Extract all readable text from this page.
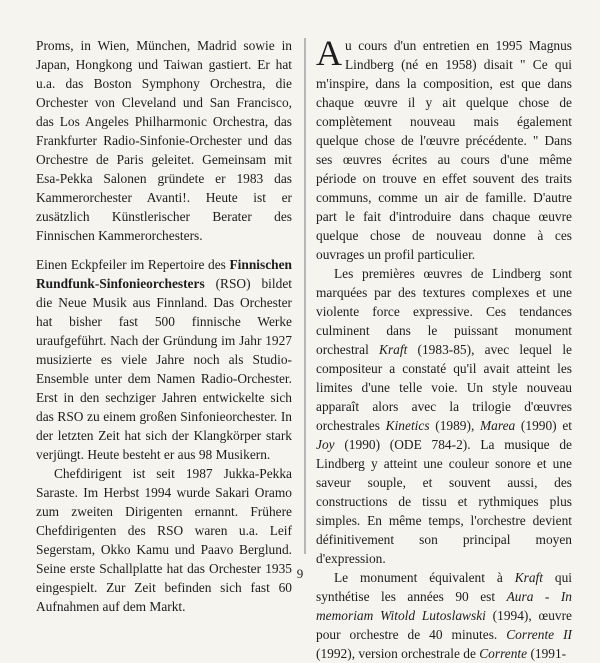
Proms, in Wien, München, Madrid sowie in Japan, Hongkong und Taiwan gastiert. Er hat u.a. das Boston Symphony Orchestra, die Orchester von Cleveland und San Francisco, das Los Angeles Philharmonic Orchestra, das Frankfurter Radio-Sinfonie-Orchester und das Orchestre de Paris geleitet. Gemeinsam mit Esa-Pekka Salonen gründete er 1983 das Kammerorchester Avanti!. Heute ist er zusätzlich Künstlerischer Berater des Finnischen Kammerorchesters.

Einen Eckpfeiler im Repertoire des Finnischen Rundfunk-Sinfonieorchesters (RSO) bildet die Neue Musik aus Finnland. Das Orchester hat bisher fast 500 finnische Werke uraufgeführt. Nach der Gründung im Jahr 1927 musizierte es viele Jahre noch als Studio-Ensemble unter dem Namen Radio-Orchester. Erst in den sechziger Jahren entwickelte sich das RSO zu einem großen Sinfonieorchester. In der letzten Zeit hat sich der Klangkörper stark verjüngt. Heute besteht er aus 98 Musikern.

Chefdirigent ist seit 1987 Jukka-Pekka Saraste. Im Herbst 1994 wurde Sakari Oramo zum zweiten Dirigenten ernannt. Frühere Chefdirigenten des RSO waren u.a. Leif Segerstam, Okko Kamu und Paavo Berglund. Seine erste Schallplatte hat das Orchester 1935 eingespielt. Zur Zeit befinden sich fast 60 Aufnahmen auf dem Markt.

Au cours d'un entretien en 1995 Magnus Lindberg (né en 1958) disait " Ce qui m'inspire, dans la composition, est que dans chaque œuvre il y ait quelque chose de complètement nouveau mais également quelque chose de l'œuvre précédente. " Dans ses œuvres écrites au cours d'une même période on trouve en effet souvent des traits communs, comme un air de famille. D'autre part le fait d'introduire dans chaque œuvre quelque chose de nouveau donne à ces ouvrages un profil particulier.

Les premières œuvres de Lindberg sont marquées par des textures complexes et une violente force expressive. Ces tendances culminent dans le puissant monument orchestral Kraft (1983-85), avec lequel le compositeur a constaté qu'il avait atteint les limites d'une telle voie. Un style nouveau apparaît alors avec la trilogie d'œuvres orchestrales Kinetics (1989), Marea (1990) et Joy (1990) (ODE 784-2). La musique de Lindberg y atteint une couleur sonore et une saveur souple, et souvent aussi, des constructions de tissu et rythmiques plus simples. En même temps, l'orchestre devient définitivement son principal moyen d'expression.

Le monument équivalent à Kraft qui synthétise les années 90 est Aura - In memoriam Witold Lutoslawski (1994), œuvre pour orchestre de 40 minutes. Corrente II (1992), version orchestrale de Corrente (1991-

9
